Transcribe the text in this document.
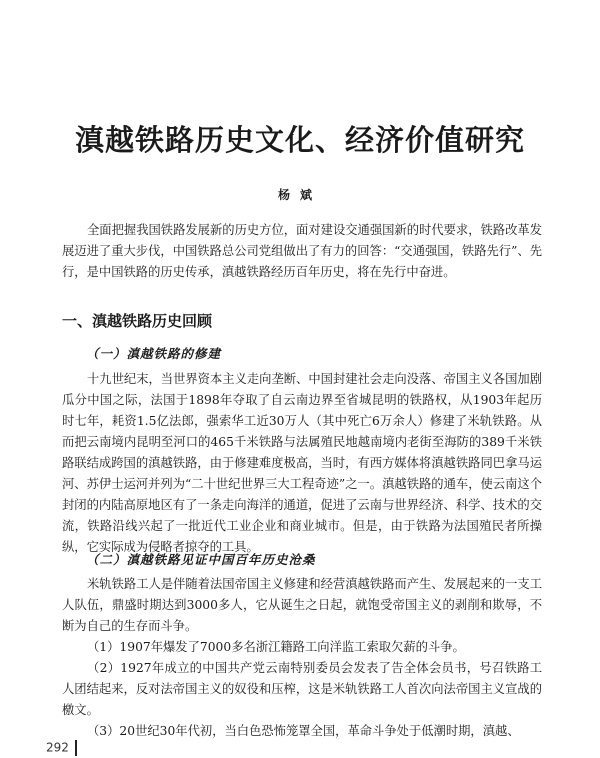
滇越铁路历史文化、经济价值研究
杨斌

全面把握我国铁路发展新的历史方位，面对建设交通强国新的时代要求，铁路改革发展迈进了重大步伐，中国铁路总公司党组做出了有力的回答：“交通强国，铁路先行”、先行，是中国铁路的历史传承，滇越铁路经历百年历史，将在先行中奋进。

一、滇越铁路历史回顾
（一）滇越铁路的修建

十九世纪末，当世界资本主义走向垄断、中国封建社会走向没落、帝国主义各国加剧瓜分中国之际，法国于1898年夺取了自云南边界至省城昆明的铁路权，从1903年起历时七年，耗资1.5亿法郎，强索华工近30万人（其中死亡6万余人）修建了米轨铁路。从而把云南境内昆明至河口的465千米铁路与法属殖民地越南境内老街至海防的389千米铁路联结成跨国的滇越铁路，由于修建难度极高，当时，有西方媒体将滇越铁路同巴拿马运河、苏伊士运河并列为“二十世纪世界三大工程奇迹”之一。滇越铁路的通车，使云南这个封闭的内陆高原地区有了一条走向海洋的通道，促进了云南与世界经济、科学、技术的交流，铁路沿线兴起了一批近代工业企业和商业城市。但是，由于铁路为法国殖民者所操纵，它实际成为侵略者掠夺的工具。

（二）滇越铁路见证中国百年历史沧桑

米轨铁路工人是伴随着法国帝国主义修建和经营滇越铁路而产生、发展起来的一支工人队伍，鼎盛时期达到3000多人，它从诞生之日起，就饱受帝国主义的剥削和欺辱，不断为自己的生存而斗争。

（1）1907年爆发了7000多名浙江籍路工向洋监工索取欠薪的斗争。

（2）1927年成立的中国共产党云南特别委员会发表了告全体会员书，号召铁路工人团结起来，反对法帝国主义的奴役和压榨，这是米轨铁路工人首次向法帝国主义宣战的檄文。

（3）20世纪30年代初，当白色恐怖笼罩全国，革命斗争处于低潮时期，滇越、

292
